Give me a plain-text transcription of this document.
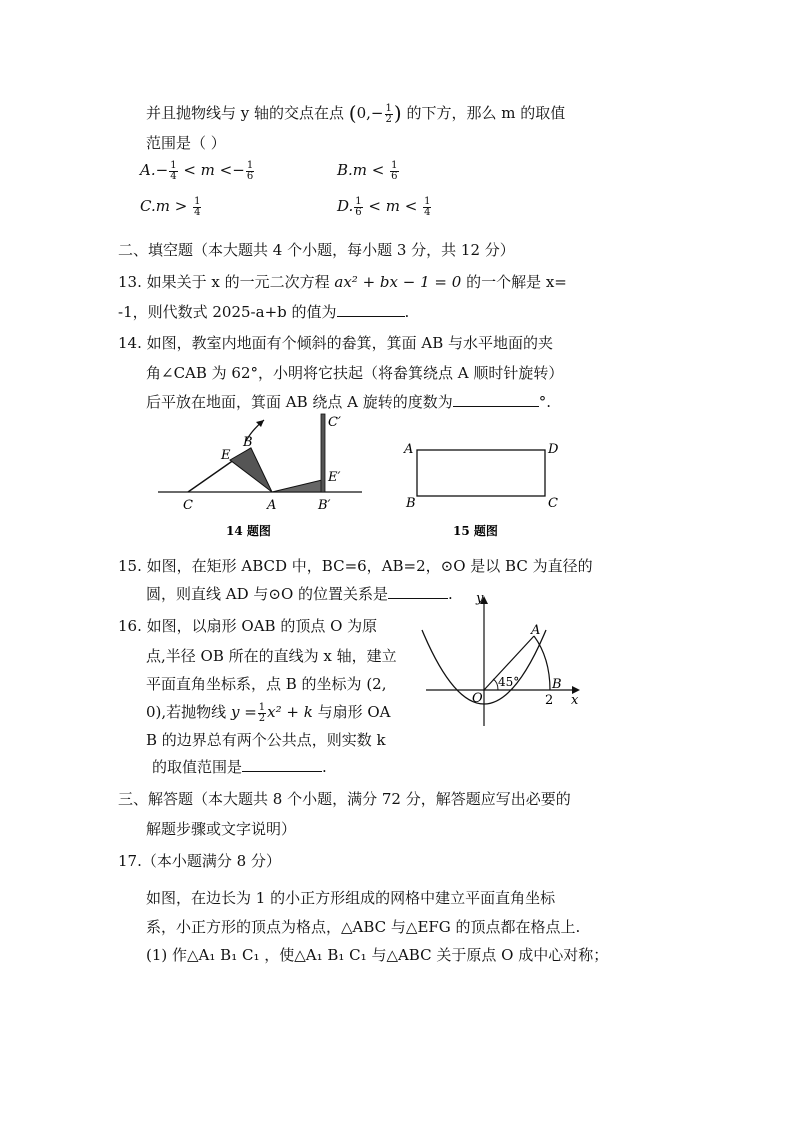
并且抛物线与 y 轴的交点在点 ($0,- \frac{1}{2}$ ) 的下方，那么 m 的取值
范围是（ ）
$A.- \frac{1}{4} < m <- \frac{1}{6}$	$B.m < \frac{1}{6}$
$C.m > \frac{1}{4}$	D. $\frac{1}{6} < m < \frac{1}{4}$
二、填空题（本大题共 4 个小题，每小题 3 分，共 12 分）
13. 如果关于 x 的一元二次方程 ax² + bx − 1 = 0 的一个解是 x=
-1，则代数式 2025-a+b 的值为	.
14. 如图，教室内地面有个倾斜的畚箕，箕面 AB 与水平地面的夹
角∠CAB 为 62°，小明将它扶起（将畚箕绕点 A 顺时针旋转）
后平放在地面，箕面 AB 绕点 A 旋转的度数为	°.
B
E
C	A
C′
E′
B′
14 题图
A	D
B	C
15 题图
15. 如图，在矩形 ABCD 中，BC=6，AB=2，⊙O 是以 BC 为直径的
圆，则直线 AD 与⊙O 的位置关系是	.
16. 如图，以扇形 OAB 的顶点 O 为原
点,半径 OB 所在的直线为 x 轴，建立
平面直角坐标系，点 B 的坐标为 (2,
0),若抛物线 $y = \frac{1}{2} x^2 + k$ 与扇形 OA
B 的边界总有两个公共点，则实数 k
的取值范围是	.
y
x
O
A
B
2
45°
三、解答题（本大题共 8 个小题，满分 72 分，解答题应写出必要的
解题步骤或文字说明）
17.（本小题满分 8 分）
如图，在边长为 1 的小正方形组成的网格中建立平面直角坐标
系，小正方形的顶点为格点，△ABC 与△EFG 的顶点都在格点上.
(1) 作△A₁ B₁ C₁ ，使△A₁ B₁ C₁ 与△ABC 关于原点 O 成中心对称；
